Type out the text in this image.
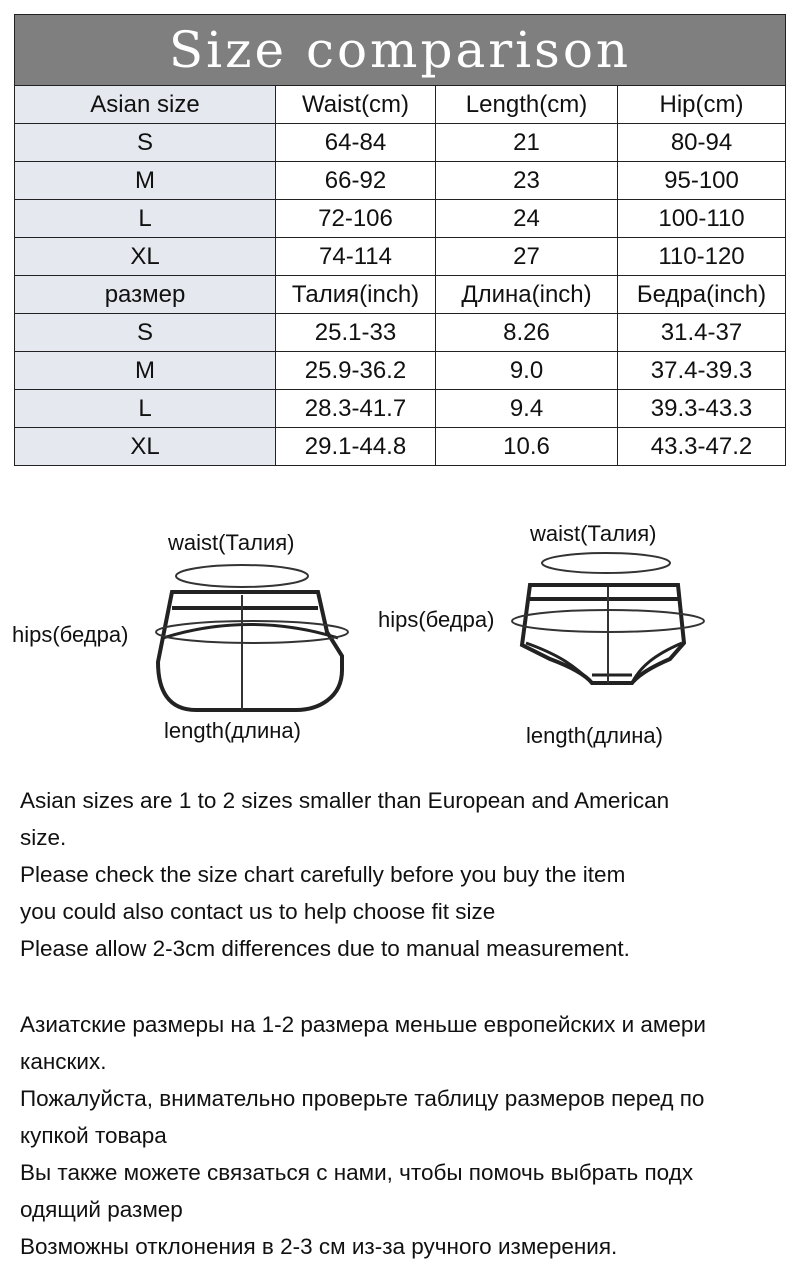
Size comparison			
Asian size	Waist(cm)	Length(cm)	Hip(cm)
S	64-84	21	80-94
M	66-92	23	95-100
L	72-106	24	100-110
XL	74-114	27	110-120
размер	Талия(inch)	Длина(inch)	Бедра(inch)
S	25.1-33	8.26	31.4-37
M	25.9-36.2	9.0	37.4-39.3
L	28.3-41.7	9.4	39.3-43.3
XL	29.1-44.8	10.6	43.3-47.2
waist(Талия)
hips(бедра)
length(длина)
waist(Талия)
hips(бедра)
length(длина)

Asian sizes are 1 to 2 sizes smaller than European and American

size.

Please check the size chart carefully before you buy the item

you could also contact us to help choose fit size

Please allow 2-3cm differences due to manual measurement.

Азиатские размеры на 1-2 размера меньше европейских и амери

канских.

Пожалуйста, внимательно проверьте таблицу размеров перед по

купкой товара

Вы также можете связаться с нами, чтобы помочь выбрать подх

одящий размер

Возможны отклонения в 2-3 см из-за ручного измерения.
